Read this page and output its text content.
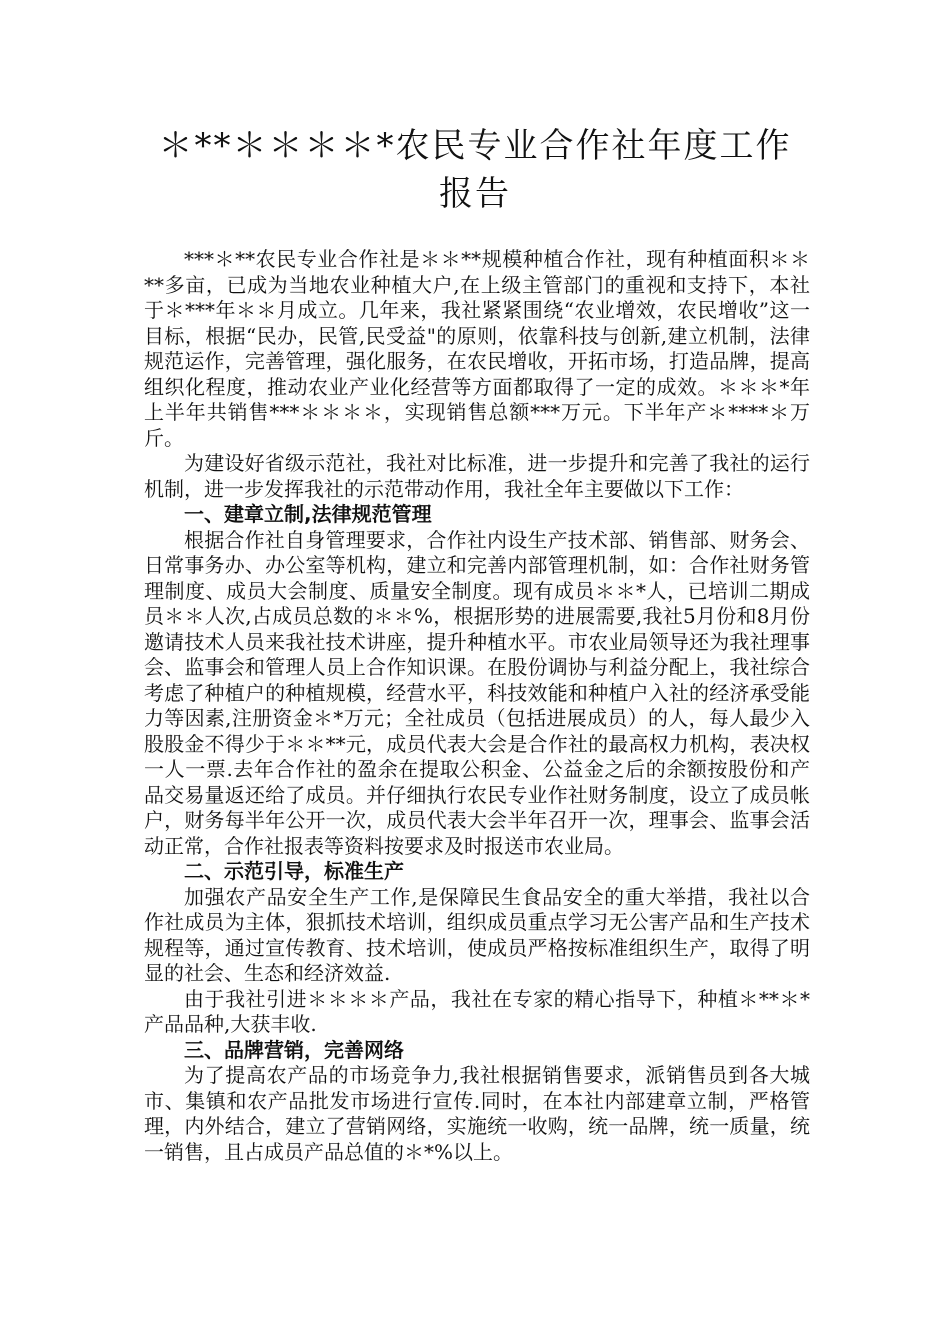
＊**＊＊＊＊*农民专业合作社年度工作报告

***＊**农民专业合作社是＊＊**规模种植合作社，现有种植面积＊＊**多亩，已成为当地农业种植大户,在上级主管部门的重视和支持下，本社于＊***年＊＊月成立。几年来，我社紧紧围绕“农业增效，农民增收”这一目标，根据“民办，民管,民受益"的原则，依靠科技与创新,建立机制，法律规范运作，完善管理，强化服务，在农民增收，开拓市场，打造品牌，提高组织化程度，推动农业产业化经营等方面都取得了一定的成效。＊＊＊*年上半年共销售***＊＊＊＊，实现销售总额***万元。下半年产＊****＊万斤。

为建设好省级示范社，我社对比标准，进一步提升和完善了我社的运行机制，进一步发挥我社的示范带动作用，我社全年主要做以下工作：

一、建章立制,法律规范管理

根据合作社自身管理要求，合作社内设生产技术部、销售部、财务会、日常事务办、办公室等机构，建立和完善内部管理机制，如：合作社财务管理制度、成员大会制度、质量安全制度。现有成员＊＊*人，已培训二期成员＊＊人次,占成员总数的＊＊%，根据形势的进展需要,我社5月份和8月份邀请技术人员来我社技术讲座，提升种植水平。市农业局领导还为我社理事会、监事会和管理人员上合作知识课。在股份调协与利益分配上，我社综合考虑了种植户的种植规模，经营水平，科技效能和种植户入社的经济承受能力等因素,注册资金＊*万元；全社成员（包括进展成员）的人，每人最少入股股金不得少于＊＊**元，成员代表大会是合作社的最高权力机构，表决权一人一票.去年合作社的盈余在提取公积金、公益金之后的余额按股份和产品交易量返还给了成员。并仔细执行农民专业作社财务制度，设立了成员帐户，财务每半年公开一次，成员代表大会半年召开一次，理事会、监事会活动正常，合作社报表等资料按要求及时报送市农业局。

二、示范引导，标准生产

加强农产品安全生产工作,是保障民生食品安全的重大举措，我社以合作社成员为主体，狠抓技术培训，组织成员重点学习无公害产品和生产技术规程等，通过宣传教育、技术培训，使成员严格按标准组织生产，取得了明显的社会、生态和经济效益.

由于我社引进＊＊＊＊产品，我社在专家的精心指导下，种植＊**＊*产品品种,大获丰收.

三、品牌营销，完善网络

为了提高农产品的市场竞争力,我社根据销售要求，派销售员到各大城市、集镇和农产品批发市场进行宣传.同时，在本社内部建章立制，严格管理，内外结合，建立了营销网络，实施统一收购，统一品牌，统一质量，统一销售，且占成员产品总值的＊*%以上。
